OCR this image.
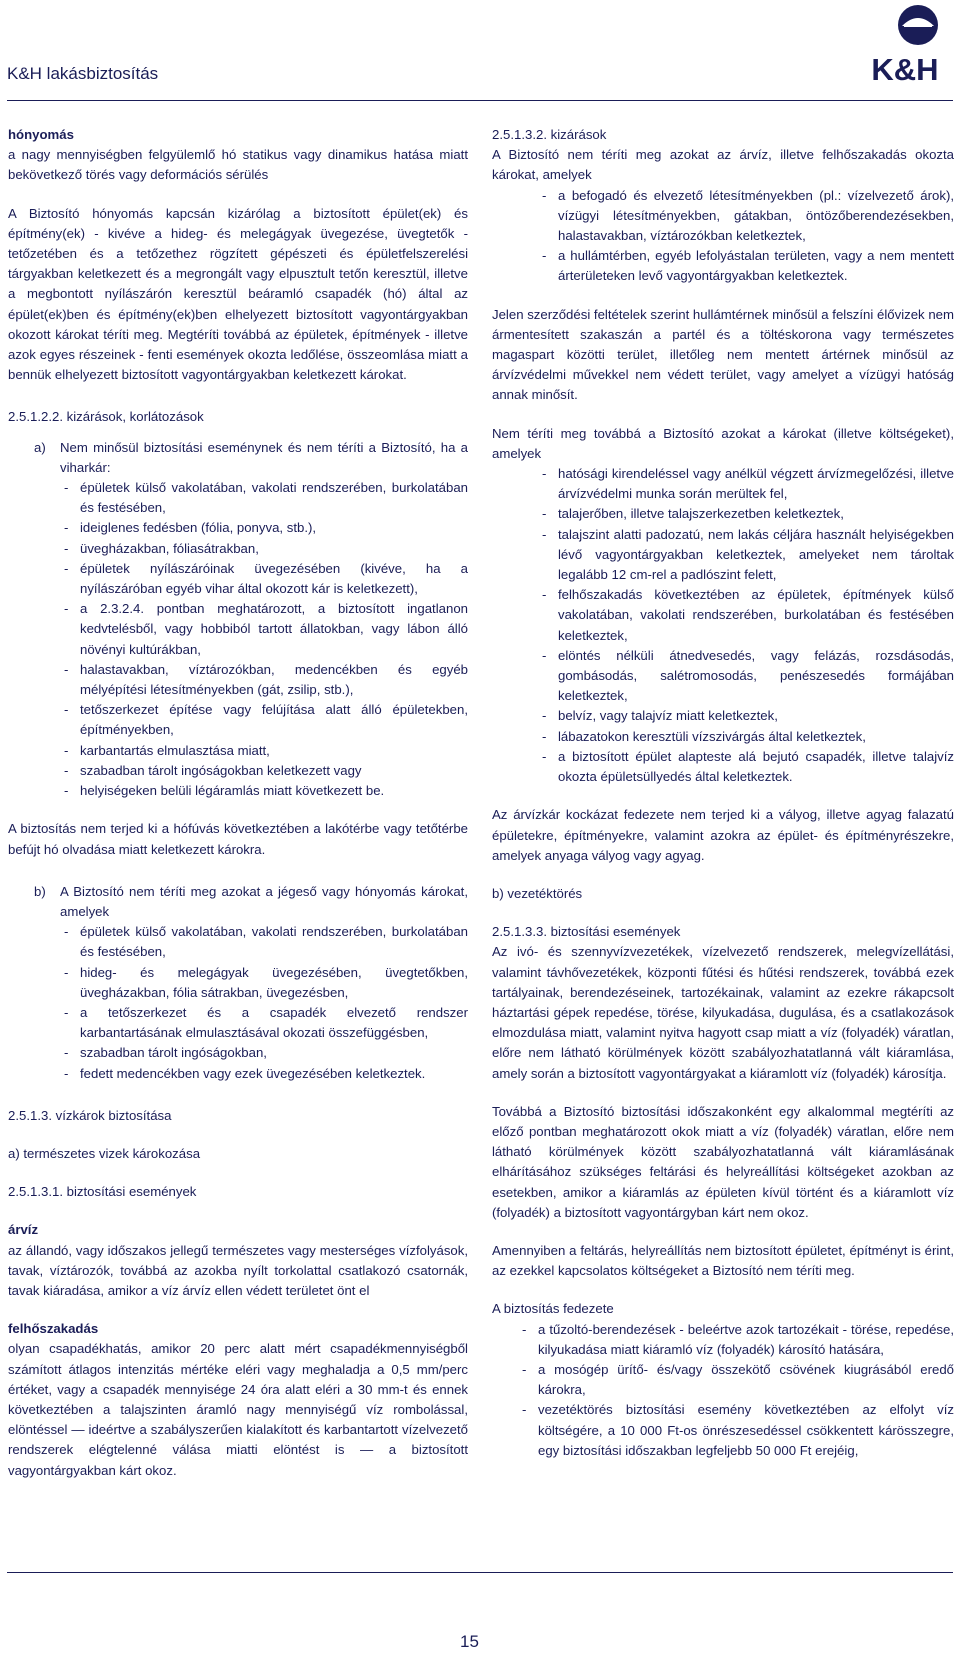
K&H lakásbiztosítás	K&H

hónyomás

a nagy mennyiségben felgyülemlő hó statikus vagy dinamikus hatása miatt bekövetkező törés vagy deformációs sérülés

A Biztosító hónyomás kapcsán kizárólag a biztosított épület(ek) és építmény(ek) - kivéve a hideg- és melegágyak üvegezése, üvegtetők - tetőzetében és a tetőzethez rögzített gépészeti és épületfelszerelési tárgyakban keletkezett és a megrongált vagy elpusztult tetőn keresztül, illetve a megbontott nyílászárón keresztül beáramló csapadék (hó) által az épület(ek)ben és építmény(ek)ben elhelyezett biztosított vagyontárgyakban okozott károkat téríti meg. Megtéríti továbbá az épületek, építmények - illetve azok egyes részeinek - fenti események okozta ledőlése, összeomlása miatt a bennük elhelyezett biztosított vagyontárgyakban keletkezett károkat.

2.5.1.2.2. kizárások, korlátozások

a) Nem minősül biztosítási eseménynek és nem téríti a Biztosító, ha a viharkár:

- épületek külső vakolatában, vakolati rendszerében, burkolatában és festésében,
- ideiglenes fedésben (fólia, ponyva, stb.),
- üvegházakban, fóliasátrakban,
- épületek nyílászáróinak üvegezésében (kivéve, ha a nyílászáróban egyéb vihar által okozott kár is keletkezett),
- a 2.3.2.4. pontban meghatározott, a biztosított ingatlanon kedvtelésből, vagy hobbiból tartott állatokban, vagy lábon álló növényi kultúrákban,
- halastavakban, víztározókban, medencékben és egyéb mélyépítési létesítményekben (gát, zsilip, stb.),
- tetőszerkezet építése vagy felújítása alatt álló épületekben, építményekben,
- karbantartás elmulasztása miatt,
- szabadban tárolt ingóságokban keletkezett vagy
- helyiségeken belüli légáramlás miatt következett be.

A biztosítás nem terjed ki a hófúvás következtében a lakótérbe vagy tetőtérbe befújt hó olvadása miatt keletkezett károkra.

b) A Biztosító nem téríti meg azokat a jégeső vagy hónyomás károkat, amelyek

- épületek külső vakolatában, vakolati rendszerében, burkolatában és festésében,
- hideg- és melegágyak üvegezésében, üvegtetőkben, üvegházakban, fólia sátrakban, üvegezésben,
- a tetőszerkezet és a csapadék elvezető rendszer karbantartásának elmulasztásával okozati összefüggésben,
- szabadban tárolt ingóságokban,
- fedett medencékben vagy ezek üvegezésében keletkeztek.

2.5.1.3. vízkárok biztosítása

a) természetes vizek károkozása

2.5.1.3.1. biztosítási események

árvíz

az állandó, vagy időszakos jellegű természetes vagy mesterséges vízfolyások, tavak, víztározók, továbbá az azokba nyílt torkolattal csatlakozó csatornák, tavak kiáradása, amikor a víz árvíz ellen védett területet önt el

felhőszakadás

olyan csapadékhatás, amikor 20 perc alatt mért csapadékmennyiségből számított átlagos intenzitás mértéke eléri vagy meghaladja a 0,5 mm/perc értéket, vagy a csapadék mennyisége 24 óra alatt eléri a 30 mm-t és ennek következtében a talajszinten áramló nagy mennyiségű víz rombolással, elöntéssel — ideértve a szabályszerűen kialakított és karbantartott vízelvezető rendszerek elégtelenné válása miatti elöntést is — a biztosított vagyontárgyakban kárt okoz.

2.5.1.3.2. kizárások

A Biztosító nem téríti meg azokat az árvíz, illetve felhőszakadás okozta károkat, amelyek

- a befogadó és elvezető létesítményekben (pl.: vízelvezető árok), vízügyi létesítményekben, gátakban, öntözőberendezésekben, halastavakban, víztározókban keletkeztek,
- a hullámtérben, egyéb lefolyástalan területen, vagy a nem mentett árterületeken levő vagyontárgyakban keletkeztek.

Jelen szerződési feltételek szerint hullámtérnek minősül a felszíni élővizek nem ármentesített szakaszán a partél és a töltéskorona vagy természetes magaspart közötti terület, illetőleg nem mentett ártérnek minősül az árvízvédelmi művekkel nem védett terület, vagy amelyet a vízügyi hatóság annak minősít.

Nem téríti meg továbbá a Biztosító azokat a károkat (illetve költségeket), amelyek

- hatósági kirendeléssel vagy anélkül végzett árvízmegelőzési, illetve árvízvédelmi munka során merültek fel,
- talajerőben, illetve talajszerkezetben keletkeztek,
- talajszint alatti padozatú, nem lakás céljára használt helyiségekben lévő vagyontárgyakban keletkeztek, amelyeket nem tároltak legalább 12 cm-rel a padlószint felett,
- felhőszakadás következtében az épületek, építmények külső vakolatában, vakolati rendszerében, burkolatában és festésében keletkeztek,
- elöntés nélküli átnedvesedés, vagy felázás, rozsdásodás, gombásodás, salétromosodás, penészesedés formájában keletkeztek,
- belvíz, vagy talajvíz miatt keletkeztek,
- lábazatokon keresztüli vízszivárgás által keletkeztek,
- a biztosított épület alapteste alá bejutó csapadék, illetve talajvíz okozta épületsüllyedés által keletkeztek.

Az árvízkár kockázat fedezete nem terjed ki a vályog, illetve agyag falazatú épületekre, építményekre, valamint azokra az épület- és építményrészekre, amelyek anyaga vályog vagy agyag.

b) vezetéktörés

2.5.1.3.3. biztosítási események

Az ivó- és szennyvízvezetékek, vízelvezető rendszerek, melegvízellátási, valamint távhővezetékek, központi fűtési és hűtési rendszerek, továbbá ezek tartályainak, berendezéseinek, tartozékainak, valamint az ezekre rákapcsolt háztartási gépek repedése, törése, kilyukadása, dugulása, és a csatlakozások elmozdulása miatt, valamint nyitva hagyott csap miatt a víz (folyadék) váratlan, előre nem látható körülmények között szabályozhatatlanná vált kiáramlása, amely során a biztosított vagyontárgyakat a kiáramlott víz (folyadék) károsítja.

Továbbá a Biztosító biztosítási időszakonként egy alkalommal megtéríti az előző pontban meghatározott okok miatt a víz (folyadék) váratlan, előre nem látható körülmények között szabályozhatatlanná vált kiáramlásának elhárításához szükséges feltárási és helyreállítási költségeket azokban az esetekben, amikor a kiáramlás az épületen kívül történt és a kiáramlott víz (folyadék) a biztosított vagyontárgyban kárt nem okoz.

Amennyiben a feltárás, helyreállítás nem biztosított épületet, építményt is érint, az ezekkel kapcsolatos költségeket a Biztosító nem téríti meg.

A biztosítás fedezete

- a tűzoltó-berendezések - beleértve azok tartozékait - törése, repedése, kilyukadása miatt kiáramló víz (folyadék) károsító hatására,
- a mosógép ürítő- és/vagy összekötő csövének kiugrásából eredő károkra,
- vezetéktörés biztosítási esemény következtében az elfolyt víz költségére, a 10 000 Ft-os önrészesedéssel csökkentett kárösszegre, egy biztosítási időszakban legfeljebb 50 000 Ft erejéig,
15
